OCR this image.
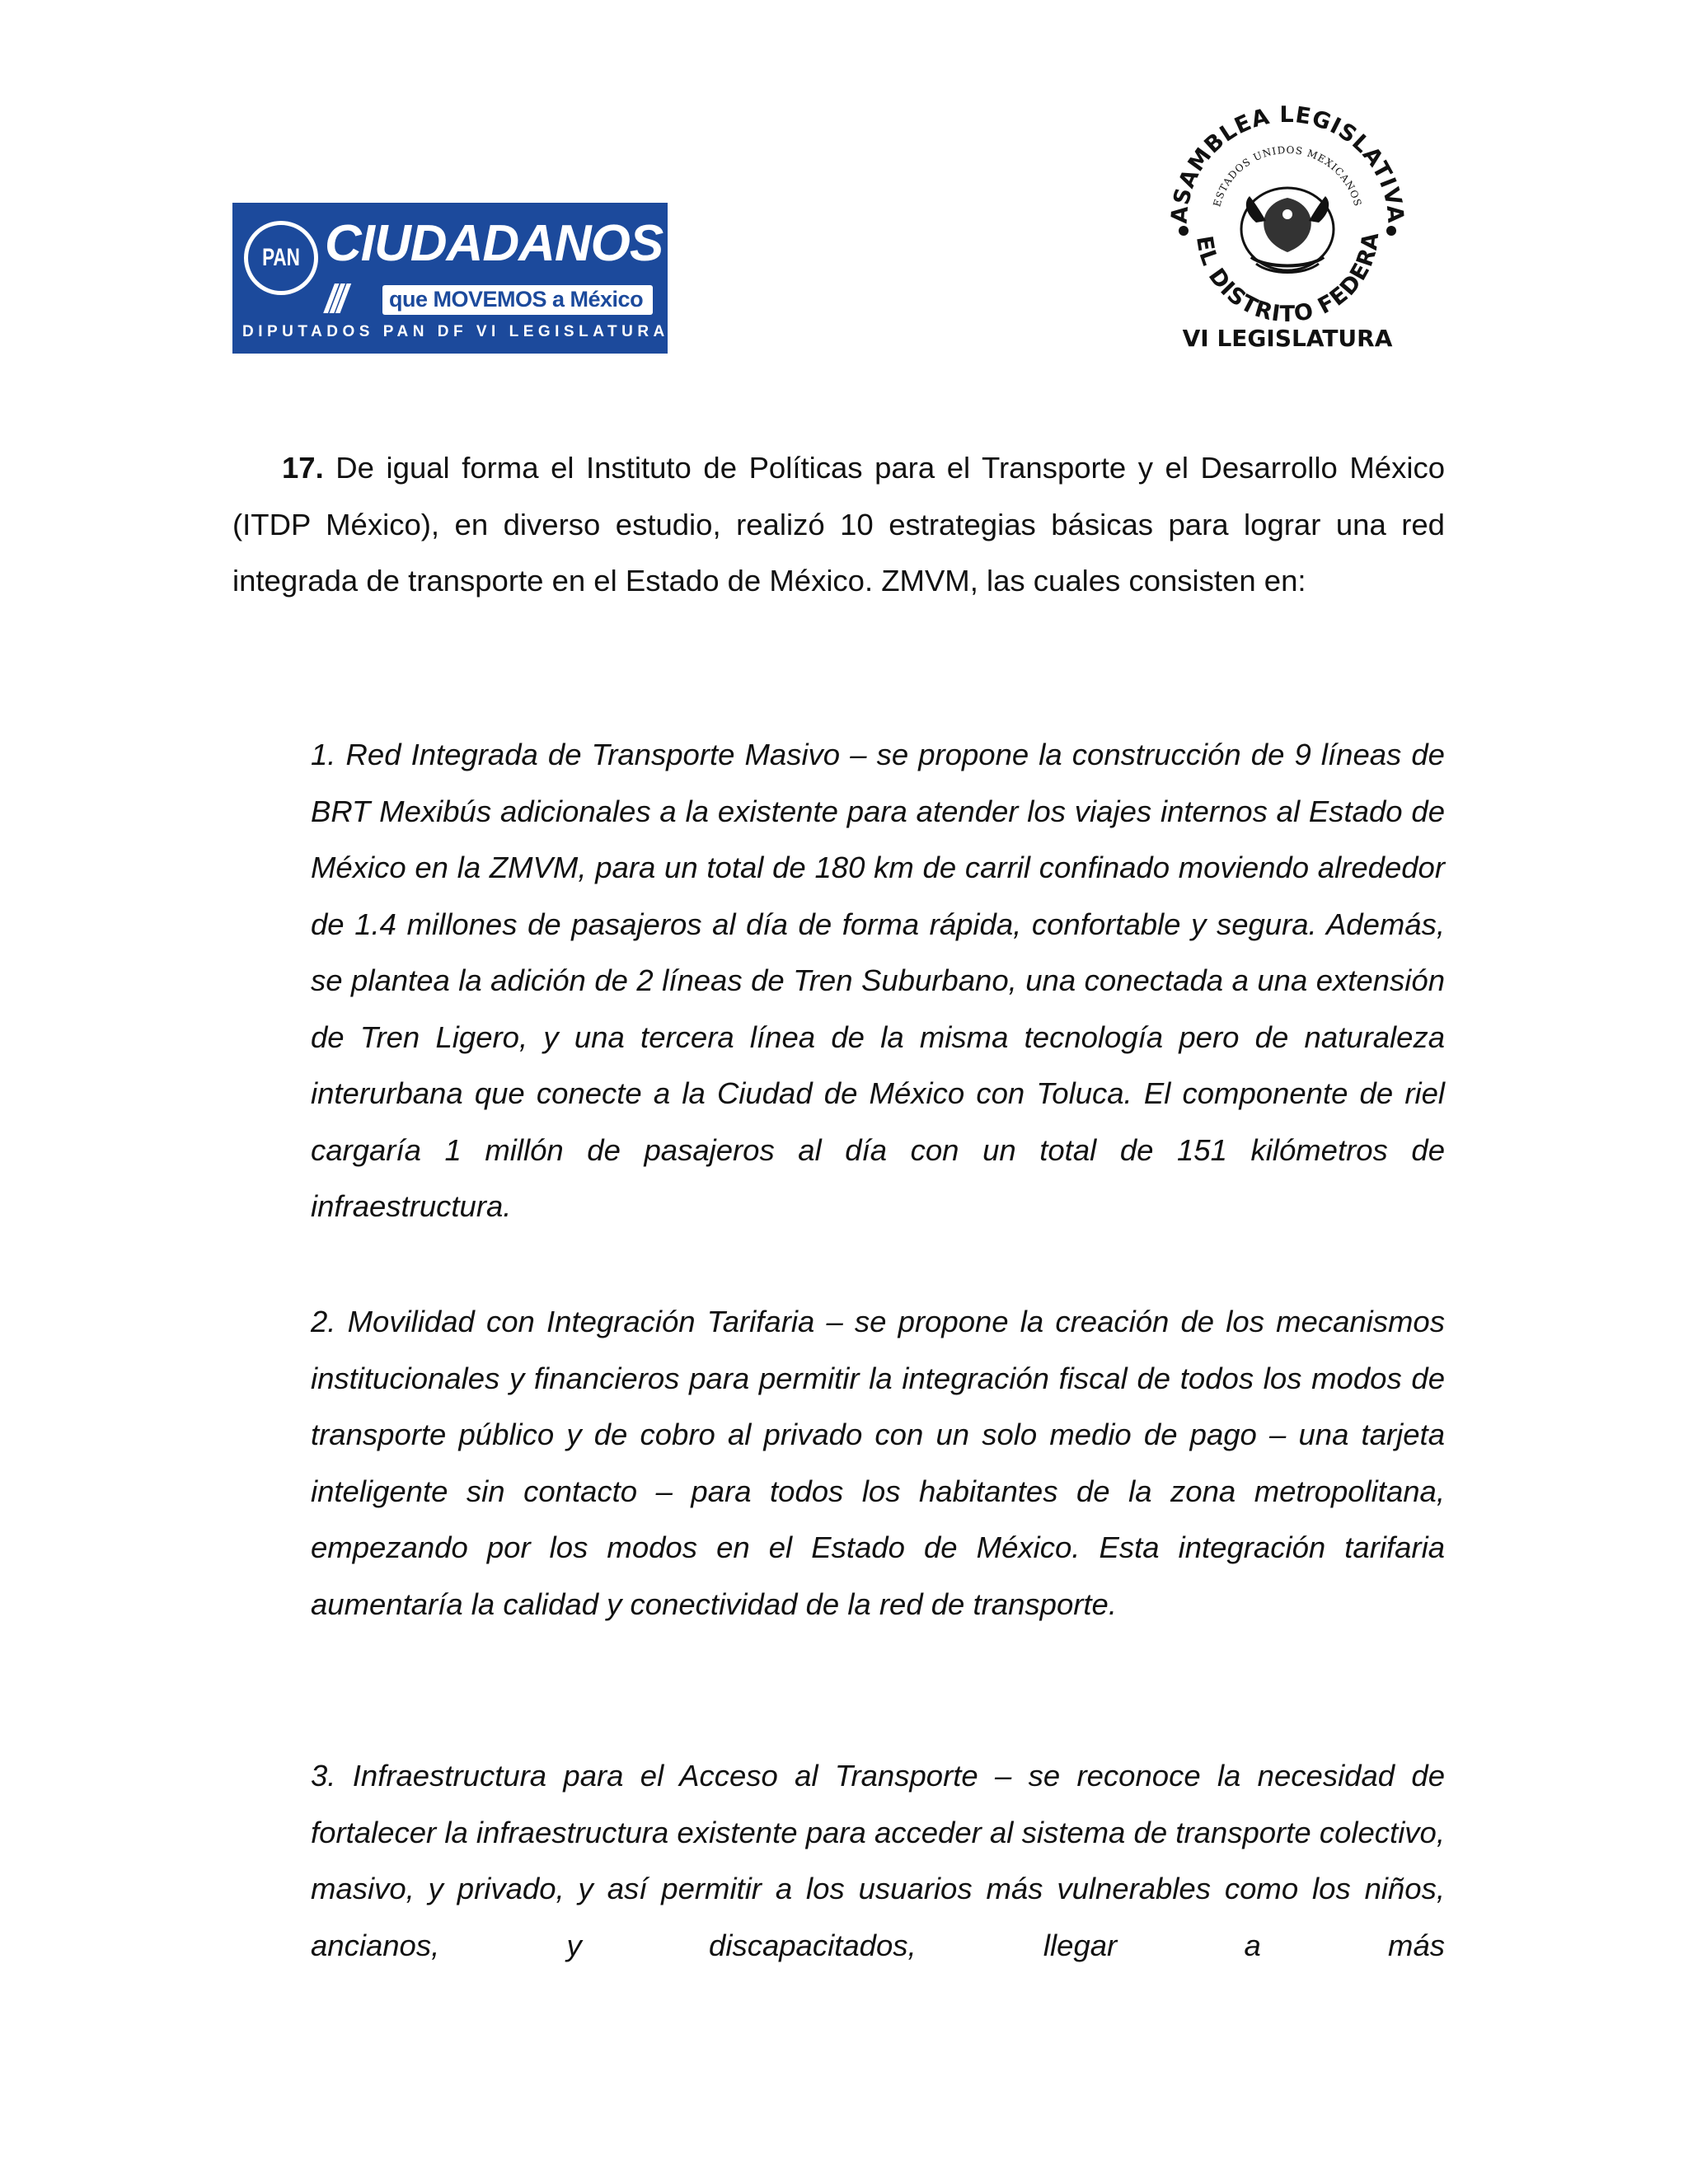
PAN CIUDADANOS
/// que MOVEMOS a México
DIPUTADOS PAN DF VI LEGISLATURA
ASAMBLEA LEGISLATIVA
ESTADOS UNIDOS MEXICANOS
EL DISTRITO FEDERA
VI LEGISLATURA

17. De igual forma el Instituto de Políticas para el Transporte y el Desarrollo México (ITDP México), en diverso estudio, realizó 10 estrategias básicas para lograr una red integrada de transporte en el Estado de México. ZMVM, las cuales consisten en:

1. Red Integrada de Transporte Masivo – se propone la construcción de 9 líneas de BRT Mexibús adicionales a la existente para atender los viajes internos al Estado de México en la ZMVM, para un total de 180 km de carril confinado moviendo alrededor de 1.4 millones de pasajeros al día de forma rápida, confortable y segura. Además, se plantea la adición de 2 líneas de Tren Suburbano, una conectada a una extensión de Tren Ligero, y una tercera línea de la misma tecnología pero de naturaleza interurbana que conecte a la Ciudad de México con Toluca. El componente de riel cargaría 1 millón de pasajeros al día con un total de 151 kilómetros de infraestructura.

2. Movilidad con Integración Tarifaria – se propone la creación de los mecanismos institucionales y financieros para permitir la integración fiscal de todos los modos de transporte público y de cobro al privado con un solo medio de pago – una tarjeta inteligente sin contacto – para todos los habitantes de la zona metropolitana, empezando por los modos en el Estado de México. Esta integración tarifaria aumentaría la calidad y conectividad de la red de transporte.

3. Infraestructura para el Acceso al Transporte – se reconoce la necesidad de fortalecer la infraestructura existente para acceder al sistema de transporte colectivo, masivo, y privado, y así permitir a los usuarios más vulnerables como los niños, ancianos, y discapacitados, llegar a más
